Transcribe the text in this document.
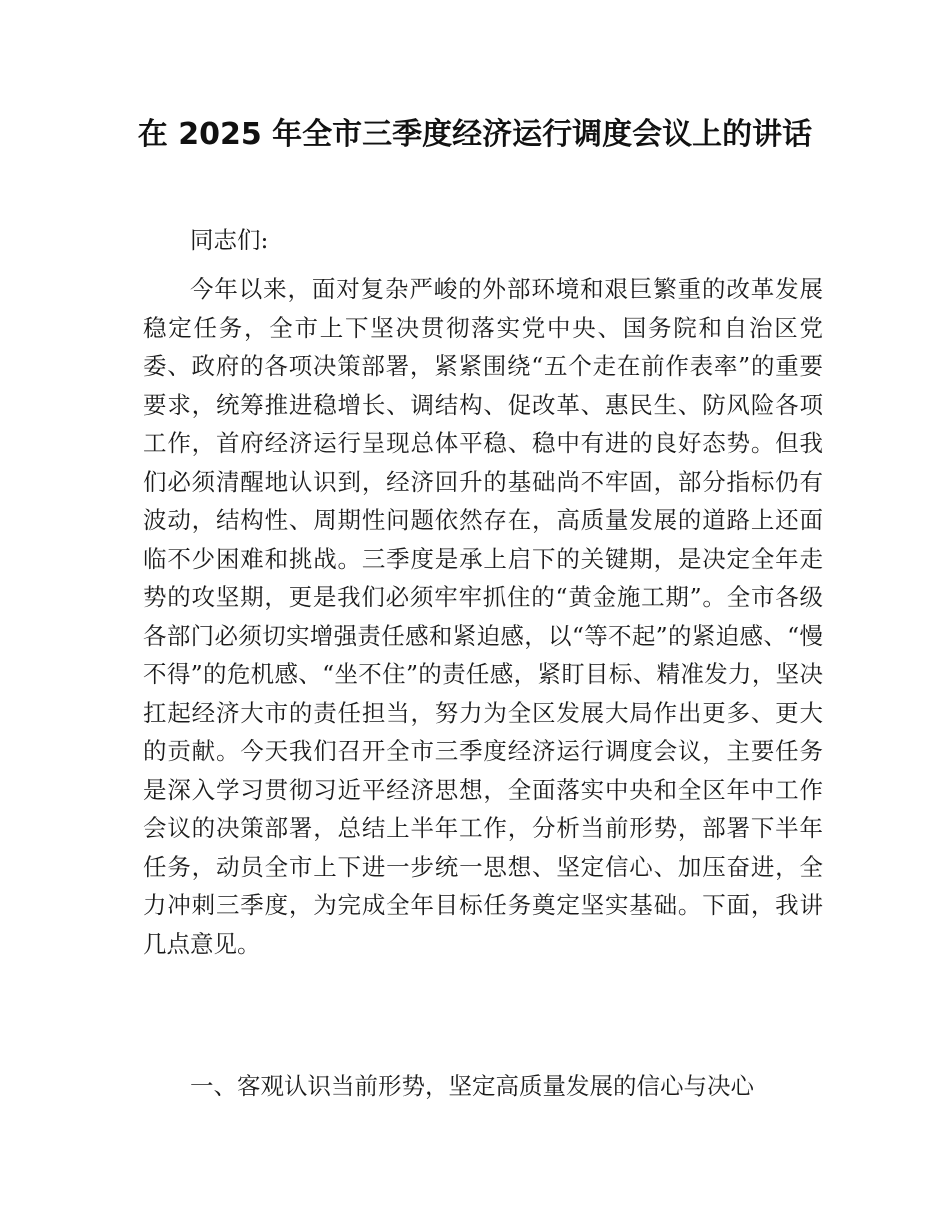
在 2025 年全市三季度经济运行调度会议上的讲话

同志们:

今年以来，面对复杂严峻的外部环境和艰巨繁重的改革发展稳定任务，全市上下坚决贯彻落实党中央、国务院和自治区党委、政府的各项决策部署，紧紧围绕“五个走在前作表率”的重要要求，统筹推进稳增长、调结构、促改革、惠民生、防风险各项工作，首府经济运行呈现总体平稳、稳中有进的良好态势。但我们必须清醒地认识到，经济回升的基础尚不牢固，部分指标仍有波动，结构性、周期性问题依然存在，高质量发展的道路上还面临不少困难和挑战。三季度是承上启下的关键期，是决定全年走势的攻坚期，更是我们必须牢牢抓住的“黄金施工期”。全市各级各部门必须切实增强责任感和紧迫感，以“等不起”的紧迫感、“慢不得”的危机感、“坐不住”的责任感，紧盯目标、精准发力，坚决扛起经济大市的责任担当，努力为全区发展大局作出更多、更大的贡献。今天我们召开全市三季度经济运行调度会议，主要任务是深入学习贯彻习近平经济思想，全面落实中央和全区年中工作会议的决策部署，总结上半年工作，分析当前形势，部署下半年任务，动员全市上下进一步统一思想、坚定信心、加压奋进，全力冲刺三季度，为完成全年目标任务奠定坚实基础。下面，我讲几点意见。

一、客观认识当前形势，坚定高质量发展的信心与决心
